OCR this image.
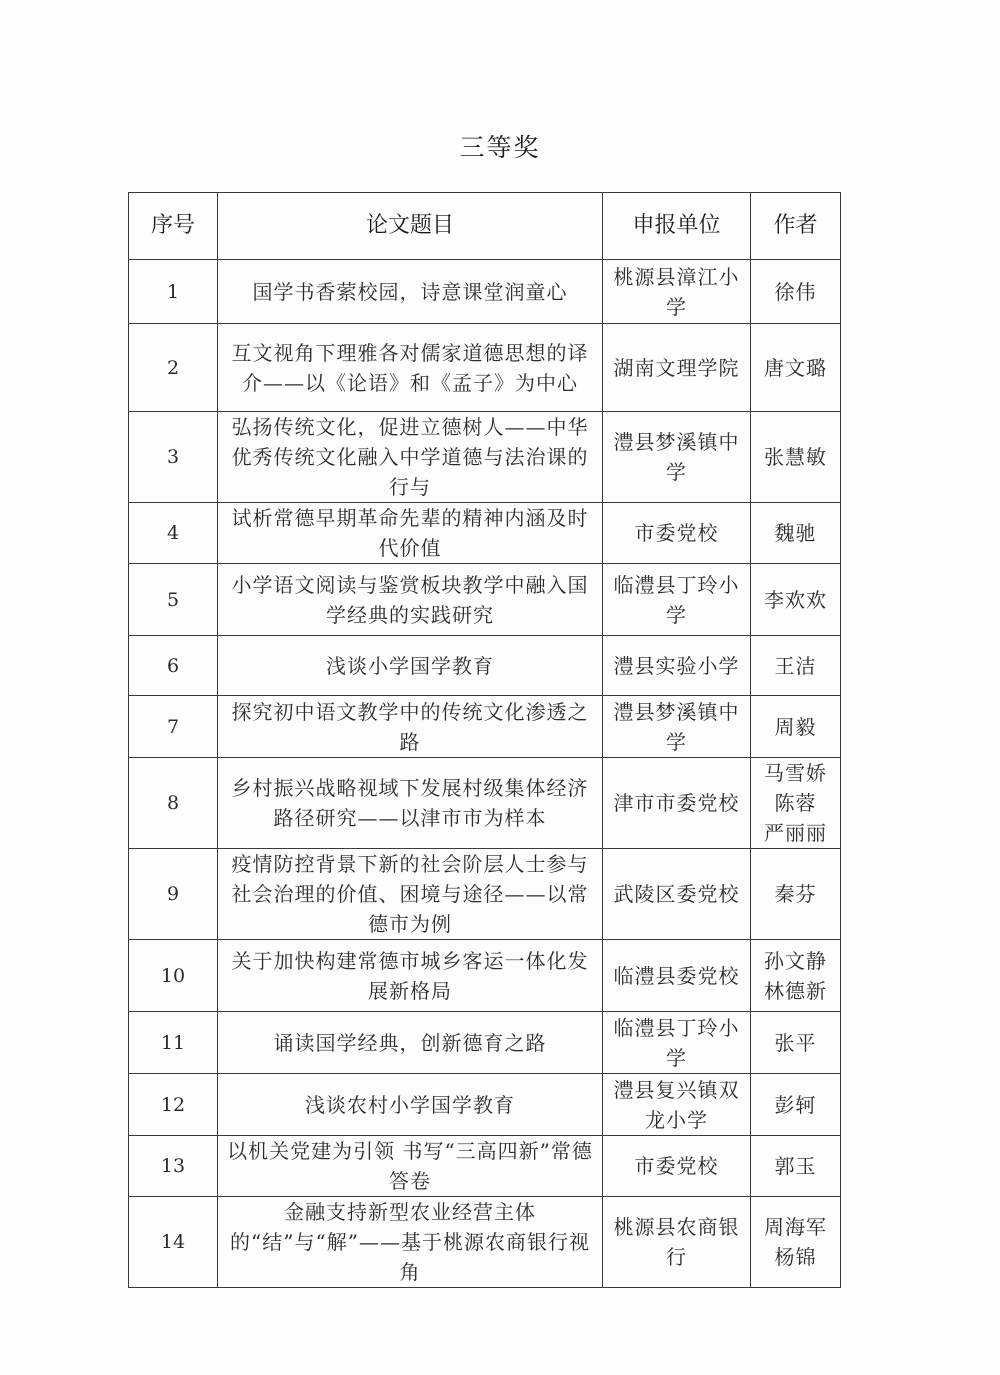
三等奖
序号	论文题目	申报单位	作者
1	国学书香萦校园，诗意课堂润童心	桃源县漳江小学	徐伟

2	互文视角下理雅各对儒家道德思想的译介——以《论语》和《孟子》为中心	湖南文理学院	唐文璐

3	弘扬传统文化，促进立德树人——中华优秀传统文化融入中学道德与法治课的行与	澧县梦溪镇中学	张慧敏

4	试析常德早期革命先辈的精神内涵及时代价值	市委党校	魏驰

5	小学语文阅读与鉴赏板块教学中融入国学经典的实践研究	临澧县丁玲小学	李欢欢

6	浅谈小学国学教育	澧县实验小学	王洁

7	探究初中语文教学中的传统文化渗透之路	澧县梦溪镇中学	周毅

8	乡村振兴战略视域下发展村级集体经济路径研究——以津市市为样本	津市市委党校	马雪娇
陈蓉
严丽丽

9	疫情防控背景下新的社会阶层人士参与社会治理的价值、困境与途径——以常德市为例	武陵区委党校	秦芬

10	关于加快构建常德市城乡客运一体化发展新格局	临澧县委党校	孙文静
林德新

11	诵读国学经典，创新德育之路	临澧县丁玲小学	张平

12	浅谈农村小学国学教育	澧县复兴镇双龙小学	彭轲

13	以机关党建为引领 书写“三高四新”常德答卷	市委党校	郭玉

14	金融支持新型农业经营主体的“结”与“解”——基于桃源农商银行视角	桃源县农商银行	周海军
杨锦
